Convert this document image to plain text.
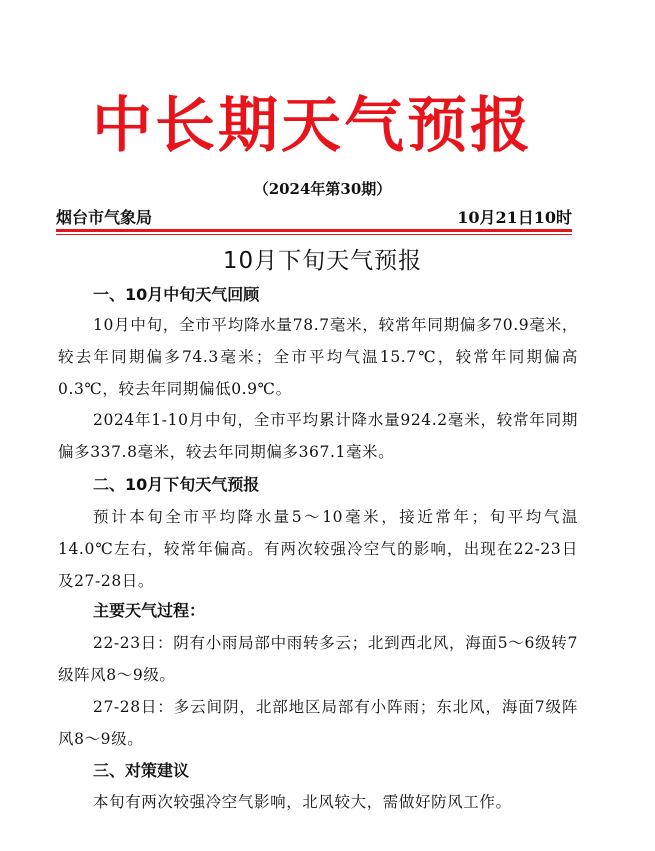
中长期天气预报
（2024年第30期）
烟台市气象局	10月21日10时
10月下旬天气预报
一、10月中旬天气回顾
10月中旬，全市平均降水量78.7毫米，较常年同期偏多70.9毫米，较去年同期偏多74.3毫米；全市平均气温15.7℃，较常年同期偏高0.3℃，较去年同期偏低0.9℃。
2024年1-10月中旬，全市平均累计降水量924.2毫米，较常年同期偏多337.8毫米，较去年同期偏多367.1毫米。
二、10月下旬天气预报
预计本旬全市平均降水量5～10毫米，接近常年；旬平均气温14.0℃左右，较常年偏高。有两次较强冷空气的影响，出现在22-23日及27-28日。
主要天气过程：
22-23日：阴有小雨局部中雨转多云；北到西北风，海面5～6级转7级阵风8～9级。
27-28日：多云间阴，北部地区局部有小阵雨；东北风，海面7级阵风8～9级。
三、对策建议
本旬有两次较强冷空气影响，北风较大，需做好防风工作。
